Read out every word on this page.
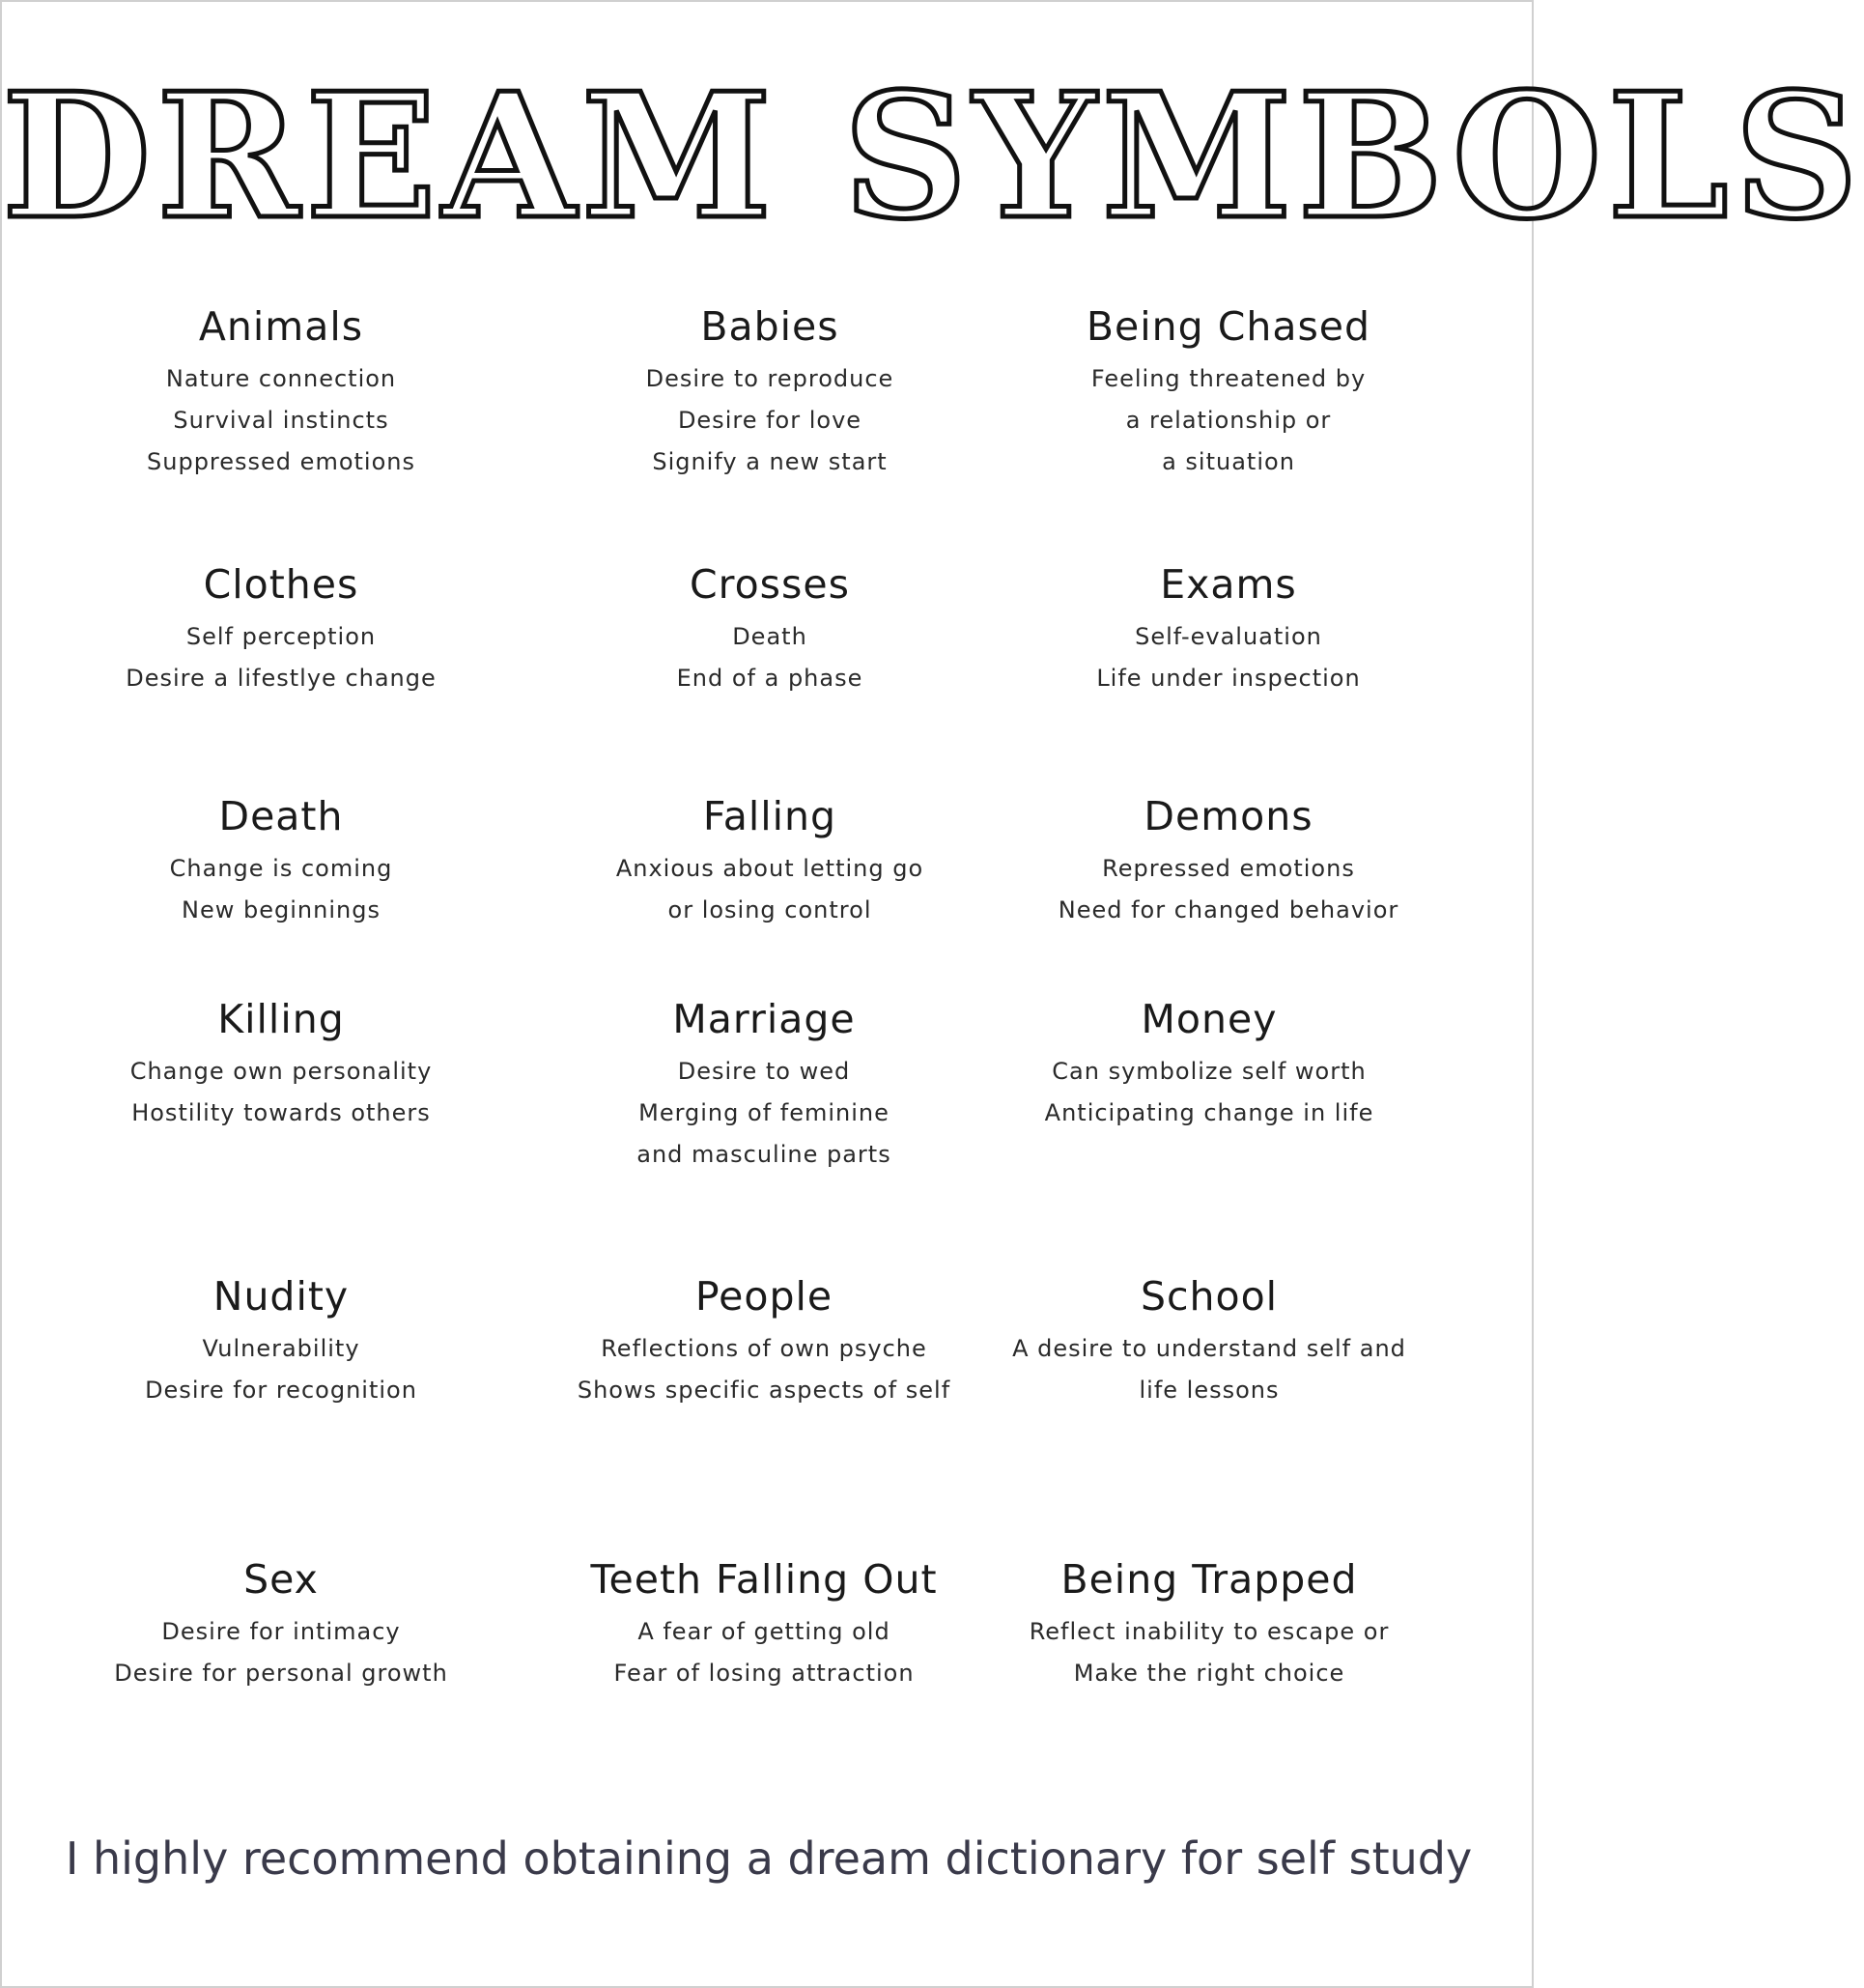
DREAM SYMBOLS
Animals
Nature connection
Survival instincts
Suppressed emotions
Babies
Desire to reproduce
Desire for love
Signify a new start
Being Chased
Feeling threatened by
a relationship or
a situation
Clothes
Self perception
Desire a lifestlye change
Crosses
Death
End of a phase
Exams
Self-evaluation
Life under inspection
Death
Change is coming
New beginnings
Falling
Anxious about letting go
or losing control
Demons
Repressed emotions
Need for changed behavior
Killing
Change own personality
Hostility towards others
Marriage
Desire to wed
Merging of feminine
and masculine parts
Money
Can symbolize self worth
Anticipating change in life
Nudity
Vulnerability
Desire for recognition
People
Reflections of own psyche
Shows specific aspects of self
School
A desire to understand self and
life lessons
Sex
Desire for intimacy
Desire for personal growth
Teeth Falling Out
A fear of getting old
Fear of losing attraction
Being Trapped
Reflect inability to escape or
Make the right choice
I highly recommend obtaining a dream dictionary for self study
